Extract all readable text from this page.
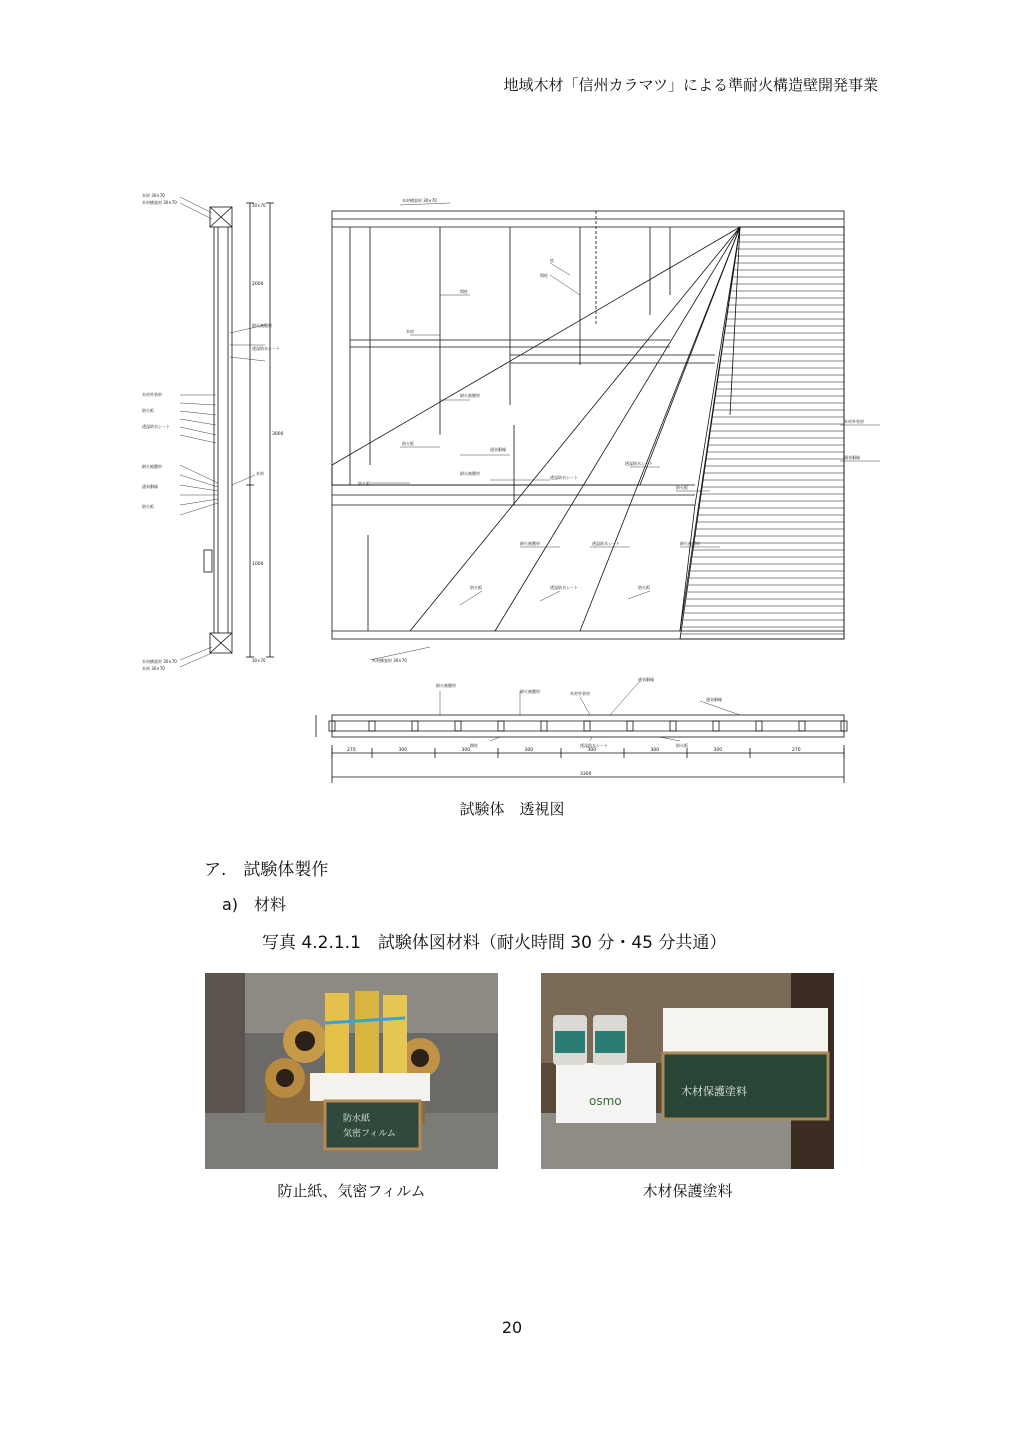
地域木材「信州カラマツ」による準耐火構造壁開発事業
木材 30×70
木材横架材 30×70
木材外装材
防火板
透湿防水シート
耐火被覆材
通気胴縁
防火板
木材横架材 30×70
木材 30×70
耐火被覆材
透湿防水シート
木材
30×70
30×70
2000
1000
3000
木材横架材 30×70
柱
間柱
間柱
木材
耐火被覆材
防火板
通気胴縁
耐火被覆材
透湿防水シート
防火板
透湿防水シート
防火板
耐火被覆材	透湿防水シート	耐火被覆材
防火板	透湿防水シート	防火板
木材横架材 30×70
木材外装材
通気胴縁
耐火被覆材
耐火被覆材	木材外装材
通気胴縁
通気胴縁
間柱	透湿防水シート	防火板
270	300	300	300	300	300	300	270
3300
試験体　透視図
ア.　試験体製作
a)　材料
写真 4.2.1.1　試験体図材料（耐火時間 30 分・45 分共通）
防水紙
気密フィルム
防止紙、気密フィルム
osmo
木材保護塗料
木材保護塗料
20
